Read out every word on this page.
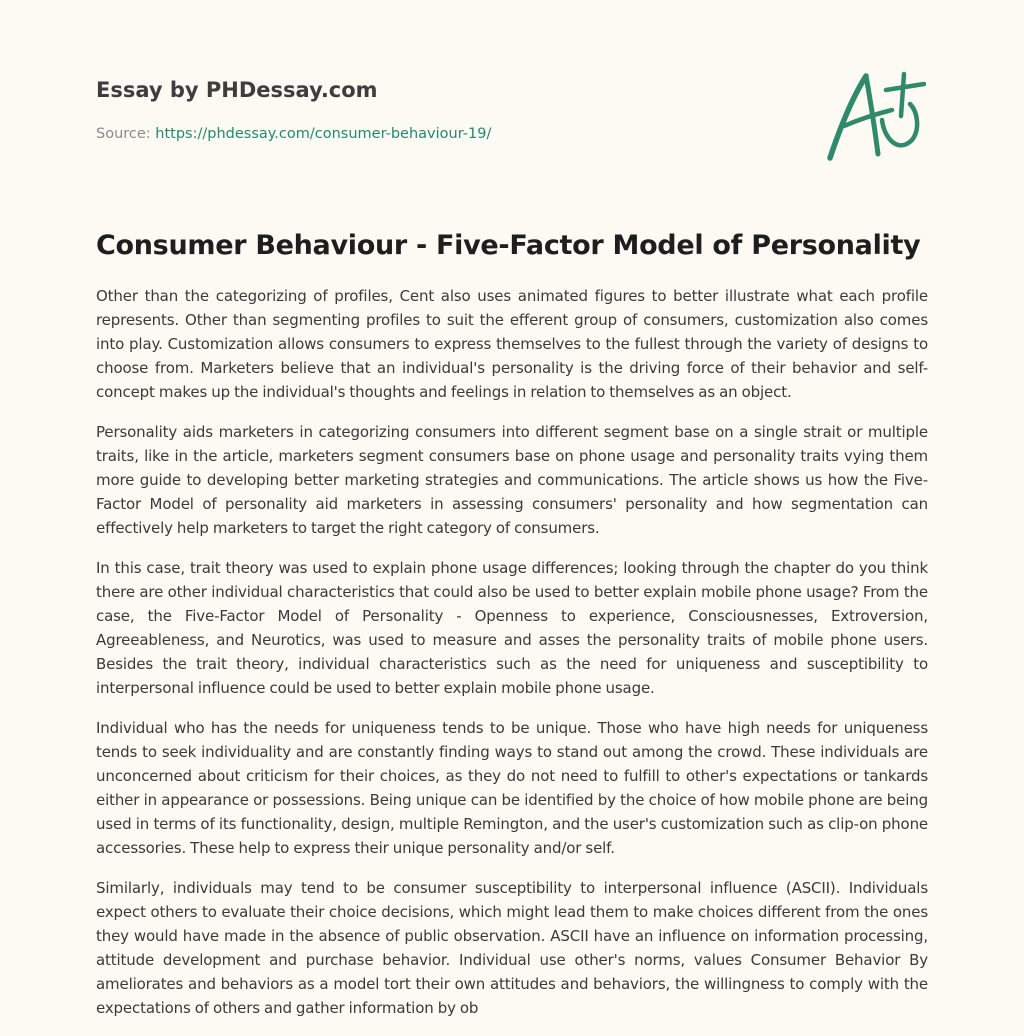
Essay by PHDessay.com
Source: https://phdessay.com/consumer-behaviour-19/
Consumer Behaviour - Five-Factor Model of Personality

Other than the categorizing of profiles, Cent also uses animated figures to better illustrate what each profile represents. Other than segmenting profiles to suit the efferent group of consumers, customization also comes into play. Customization allows consumers to express themselves to the fullest through the variety of designs to choose from. Marketers believe that an individual's personality is the driving force of their behavior and self-concept makes up the individual's thoughts and feelings in relation to themselves as an object.

Personality aids marketers in categorizing consumers into different segment base on a single strait or multiple traits, like in the article, marketers segment consumers base on phone usage and personality traits vying them more guide to developing better marketing strategies and communications. The article shows us how the Five-Factor Model of personality aid marketers in assessing consumers' personality and how segmentation can effectively help marketers to target the right category of consumers.

In this case, trait theory was used to explain phone usage differences; looking through the chapter do you think there are other individual characteristics that could also be used to better explain mobile phone usage? From the case, the Five-Factor Model of Personality - Openness to experience, Consciousnesses, Extroversion, Agreeableness, and Neurotics, was used to measure and asses the personality traits of mobile phone users. Besides the trait theory, individual characteristics such as the need for uniqueness and susceptibility to interpersonal influence could be used to better explain mobile phone usage.

Individual who has the needs for uniqueness tends to be unique. Those who have high needs for uniqueness tends to seek individuality and are constantly finding ways to stand out among the crowd. These individuals are unconcerned about criticism for their choices, as they do not need to fulfill to other's expectations or tankards either in appearance or possessions. Being unique can be identified by the choice of how mobile phone are being used in terms of its functionality, design, multiple Remington, and the user's customization such as clip-on phone accessories. These help to express their unique personality and/or self.

Similarly, individuals may tend to be consumer susceptibility to interpersonal influence (ASCII). Individuals expect others to evaluate their choice decisions, which might lead them to make choices different from the ones they would have made in the absence of public observation. ASCII have an influence on information processing, attitude development and purchase behavior. Individual use other's norms, values Consumer Behavior By ameliorates and behaviors as a model tort their own attitudes and behaviors, the willingness to comply with the expectations of others and gather information by ob
